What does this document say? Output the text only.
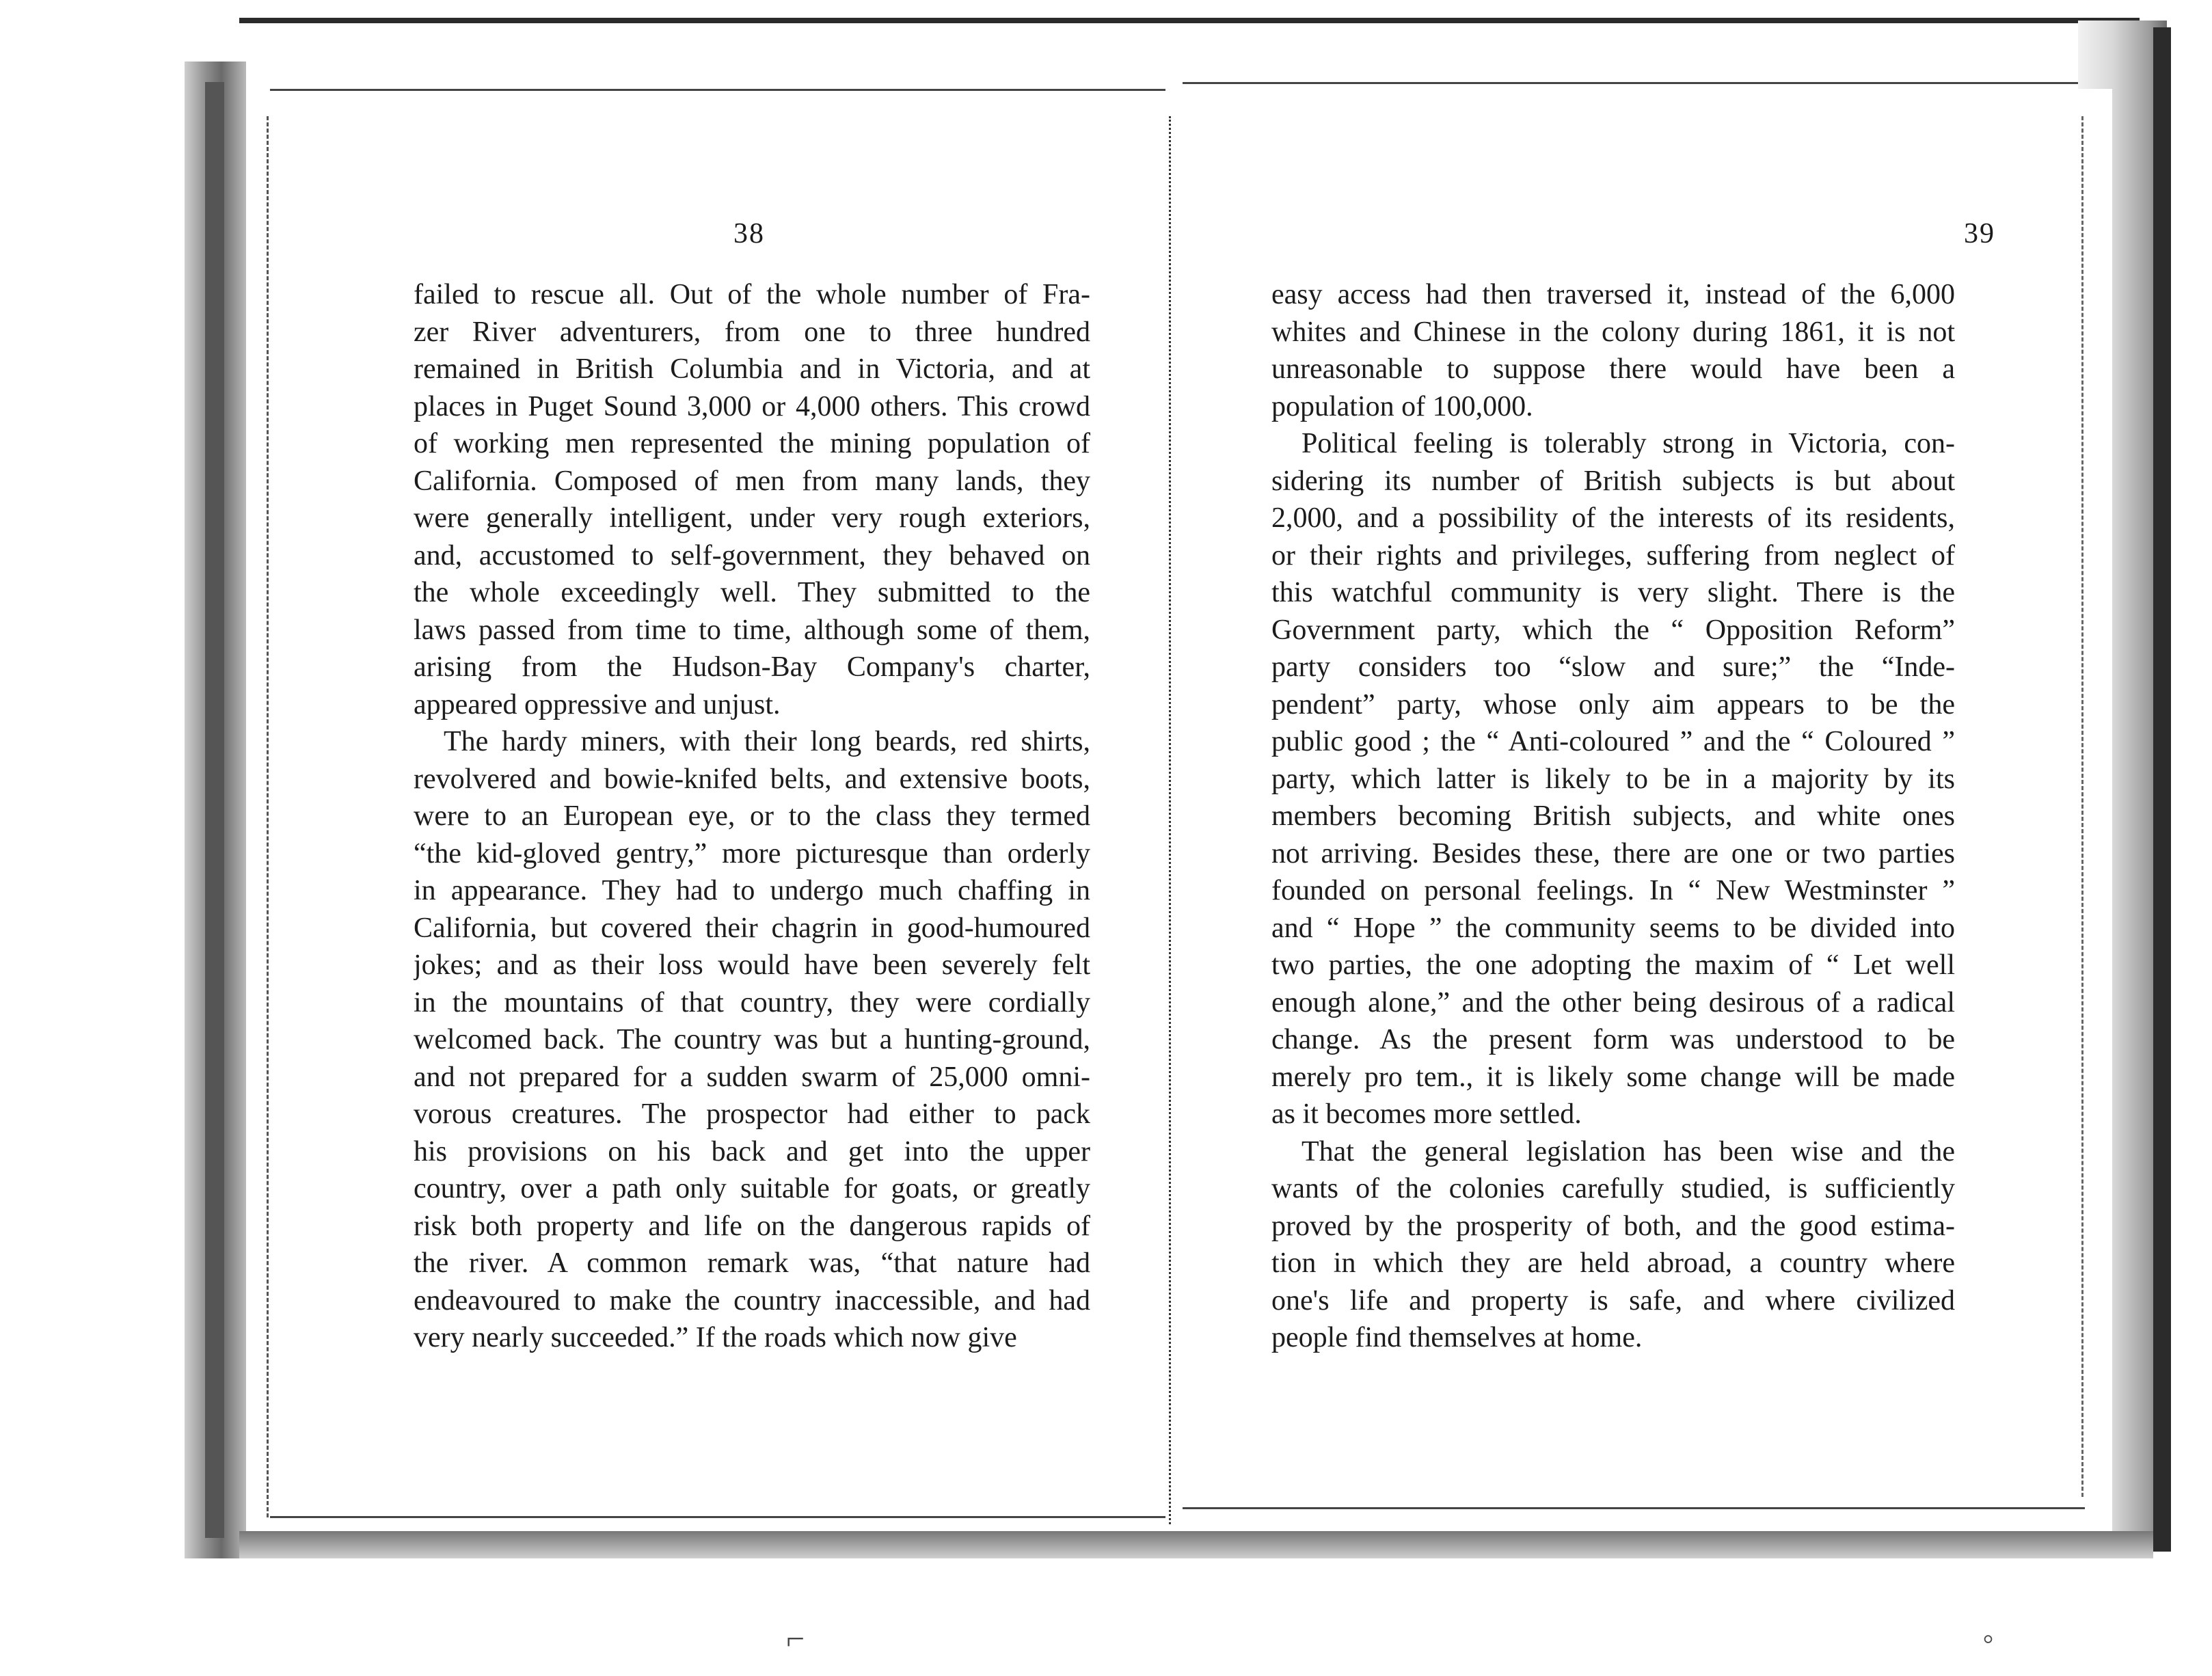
38	39
failed to rescue all. Out of the whole number of Fra-
zer River adventurers, from one to three hundred
remained in British Columbia and in Victoria, and at
places in Puget Sound 3,000 or 4,000 others. This crowd
of working men represented the mining population of
California. Composed of men from many lands, they
were generally intelligent, under very rough exteriors,
and, accustomed to self-government, they behaved on
the whole exceedingly well. They submitted to the
laws passed from time to time, although some of them,
arising from the Hudson-Bay Company's charter,
appeared oppressive and unjust.
The hardy miners, with their long beards, red shirts,
revolvered and bowie-knifed belts, and extensive boots,
were to an European eye, or to the class they termed
“the kid-gloved gentry,” more picturesque than orderly
in appearance. They had to undergo much chaffing in
California, but covered their chagrin in good-humoured
jokes; and as their loss would have been severely felt
in the mountains of that country, they were cordially
welcomed back. The country was but a hunting-ground,
and not prepared for a sudden swarm of 25,000 omni-
vorous creatures. The prospector had either to pack
his provisions on his back and get into the upper
country, over a path only suitable for goats, or greatly
risk both property and life on the dangerous rapids of
the river. A common remark was, “that nature had
endeavoured to make the country inaccessible, and had
very nearly succeeded.” If the roads which now give
easy access had then traversed it, instead of the 6,000
whites and Chinese in the colony during 1861, it is not
unreasonable to suppose there would have been a
population of 100,000.
Political feeling is tolerably strong in Victoria, con-
sidering its number of British subjects is but about
2,000, and a possibility of the interests of its residents,
or their rights and privileges, suffering from neglect of
this watchful community is very slight. There is the
Government party, which the “ Opposition Reform”
party considers too “slow and sure;” the “Inde-
pendent” party, whose only aim appears to be the
public good ; the “ Anti-coloured ” and the “ Coloured ”
party, which latter is likely to be in a majority by its
members becoming British subjects, and white ones
not arriving. Besides these, there are one or two parties
founded on personal feelings. In “ New Westminster ”
and “ Hope ” the community seems to be divided into
two parties, the one adopting the maxim of “ Let well
enough alone,” and the other being desirous of a radical
change. As the present form was understood to be
merely pro tem., it is likely some change will be made
as it becomes more settled.
That the general legislation has been wise and the
wants of the colonies carefully studied, is sufficiently
proved by the prosperity of both, and the good estima-
tion in which they are held abroad, a country where
one's life and property is safe, and where civilized
people find themselves at home.
⌐	◦
